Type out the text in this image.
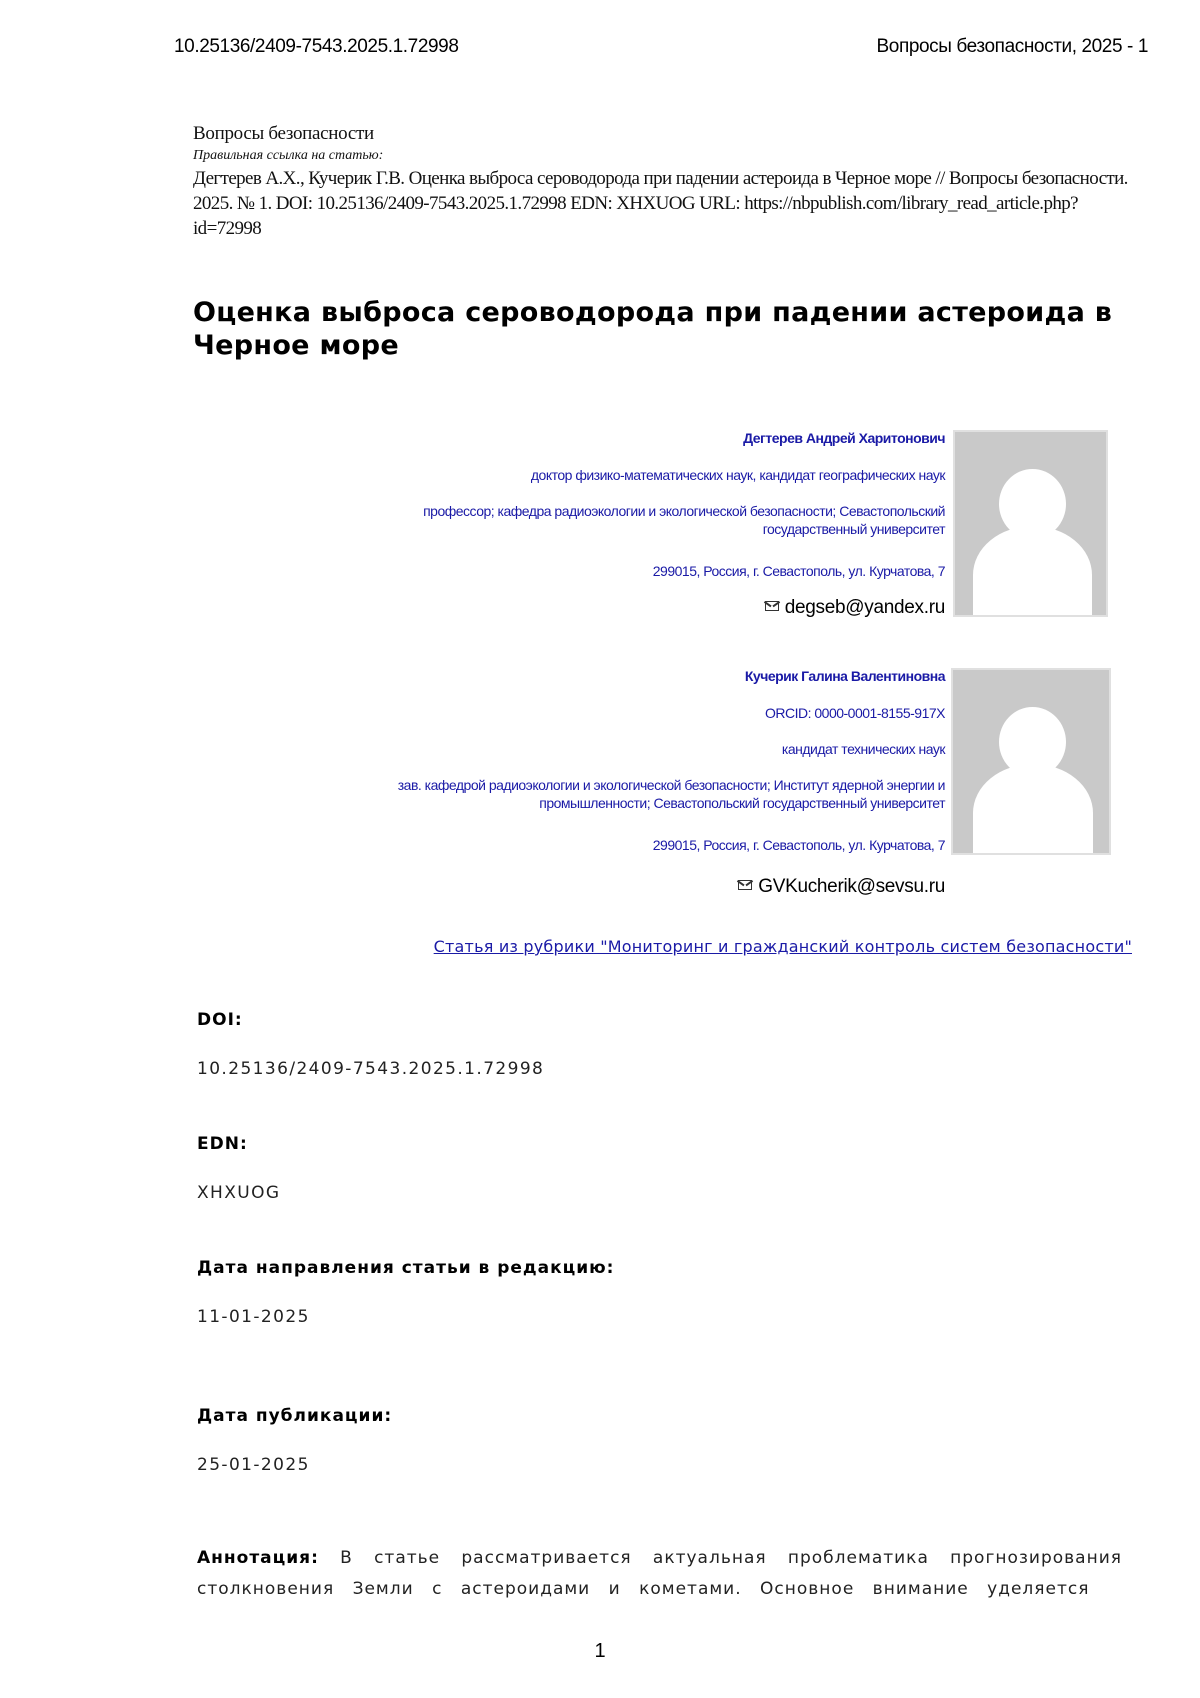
10.25136/2409-7543.2025.1.72998	Вопросы безопасности, 2025 - 1
Вопросы безопасности
Правильная ссылка на статью:
Дегтерев А.Х., Кучерик Г.В. Оценка выброса сероводорода при падении астероида в Черное море // Вопросы безопасности. 2025. № 1. DOI: 10.25136/2409-7543.2025.1.72998 EDN: XHXUOG URL: https://nbpublish.com/library_read_article.php?id=72998
Оценка выброса сероводорода при падении астероида в Черное море
Дегтерев Андрей Харитонович
доктор физико-математических наук, кандидат географических наук
профессор; кафедра радиоэкологии и экологической безопасности; Севастопольский государственный университет
299015, Россия, г. Севастополь, ул. Курчатова, 7
degseb@yandex.ru
Кучерик Галина Валентиновна
ORCID: 0000-0001-8155-917X
кандидат технических наук
зав. кафедрой радиоэкологии и экологической безопасности; Институт ядерной энергии и промышленности; Севастопольский государственный университет
299015, Россия, г. Севастополь, ул. Курчатова, 7
GVKucherik@sevsu.ru
Статья из рубрики "Мониторинг и гражданский контроль систем безопасности"
DOI:
10.25136/2409-7543.2025.1.72998
EDN:
XHXUOG
Дата направления статьи в редакцию:
11-01-2025
Дата публикации:
25-01-2025
Аннотация: В статье рассматривается актуальная проблематика прогнозирования столкновения Земли с астероидами и кометами. Основное внимание уделяется
1
